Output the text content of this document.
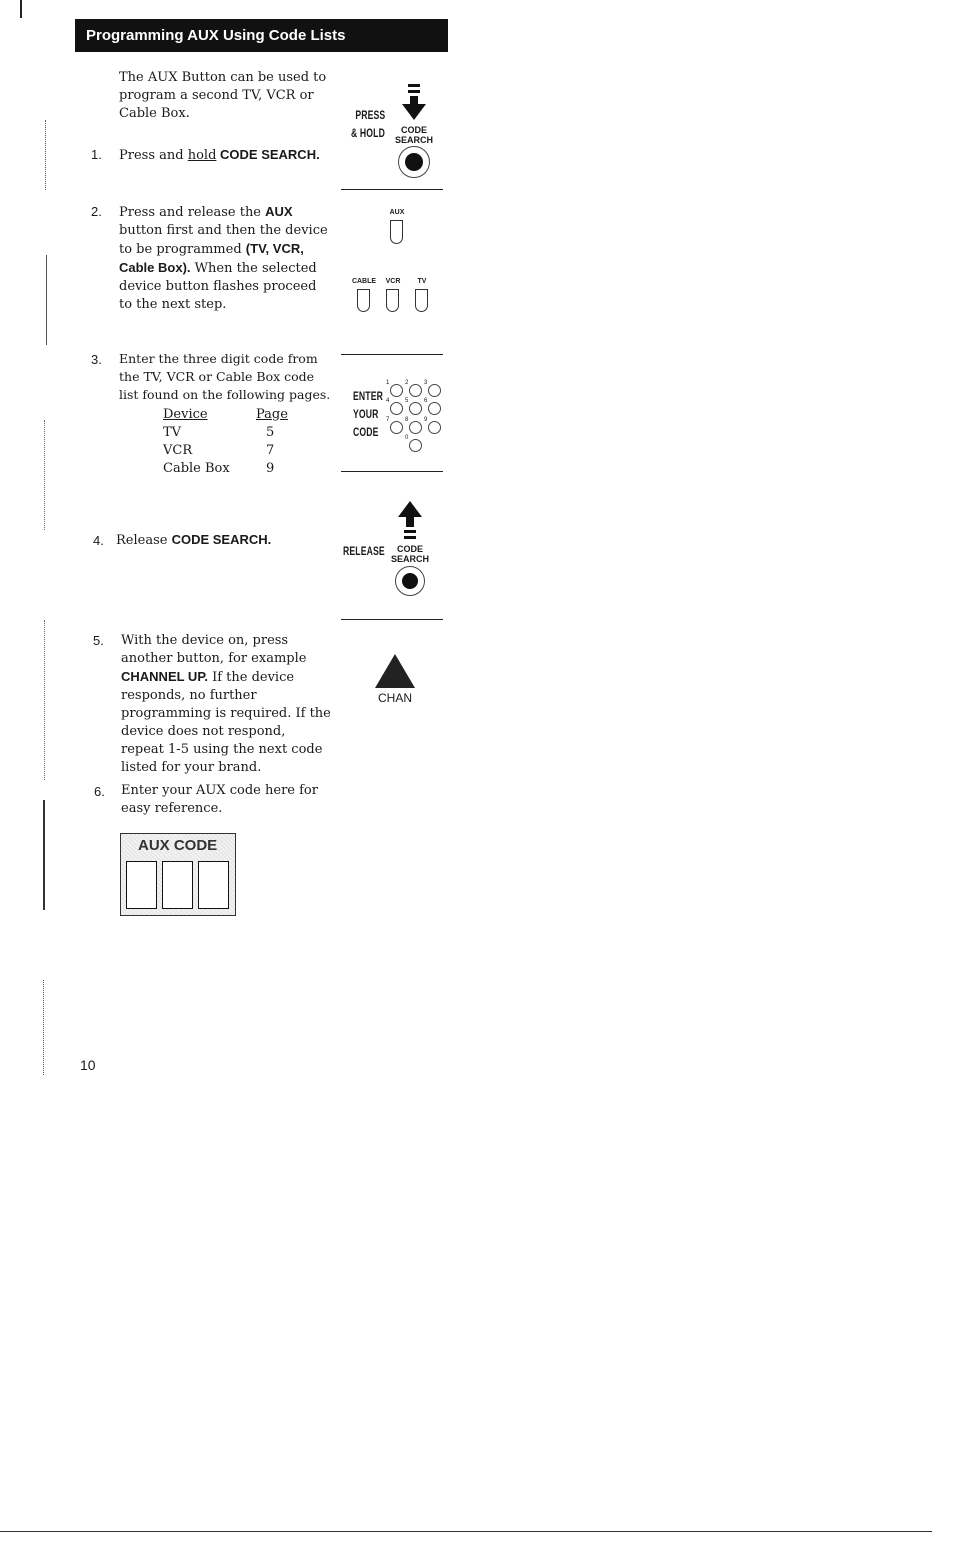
Programming AUX Using Code Lists
The AUX Button can be used to program a second TV, VCR or Cable Box.
1. Press and hold CODE SEARCH.
PRESS
& HOLD	CODE
SEARCH
2. Press and release the AUX button first and then the device to be programmed (TV, VCR, Cable Box). When the selected device button flashes proceed to the next step.
AUX
CABLE	VCR	TV
3. Enter the three digit code from the TV, VCR or Cable Box code list found on the following pages.
Device	Page
TV	5
VCR	7
Cable Box	9
ENTER
YOUR
CODE
1	2	3
4	5	6
7	8	9
0
4. Release CODE SEARCH.
RELEASE	CODE
SEARCH
5. With the device on, press another button, for example CHANNEL UP. If the device responds, no further programming is required. If the device does not respond, repeat 1-5 using the next code listed for your brand.
CHAN
6. Enter your AUX code here for easy reference.
AUX CODE
10
